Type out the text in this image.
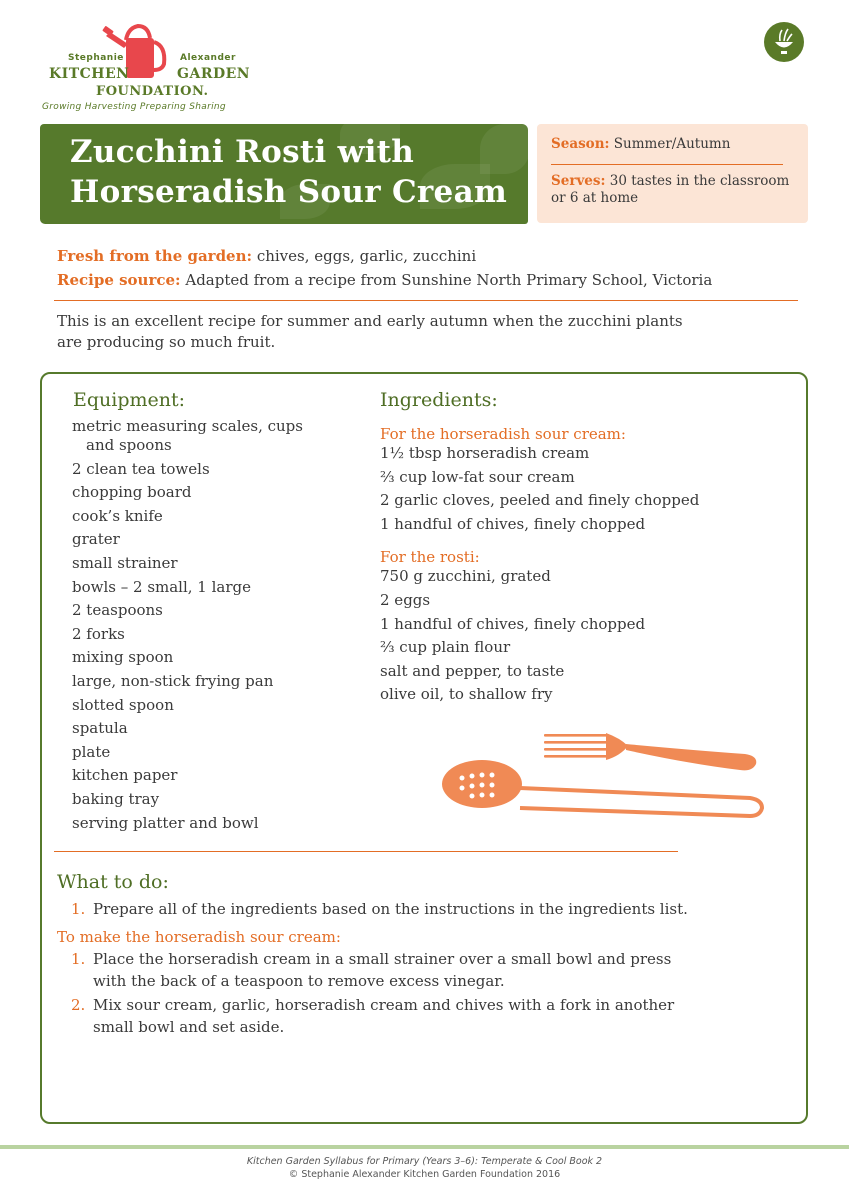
Stephanie	Alexander
KITCHEN	GARDEN
FOUNDATION.
Growing Harvesting Preparing Sharing
Zucchini Rosti with
Horseradish Sour Cream
Season: Summer/Autumn
Serves: 30 tastes in the classroom or 6 at home
Fresh from the garden: chives, eggs, garlic, zucchini
Recipe source: Adapted from a recipe from Sunshine North Primary School, Victoria

This is an excellent recipe for summer and early autumn when the zucchini plants are producing so much fruit.

Equipment:
metric measuring scales, cups and spoons
2 clean tea towels
chopping board
cook’s knife
grater
small strainer
bowls – 2 small, 1 large
2 teaspoons
2 forks
mixing spoon
large, non-stick frying pan
slotted spoon
spatula
plate
kitchen paper
baking tray
serving platter and bowl
Ingredients:
For the horseradish sour cream:
1½ tbsp horseradish cream
⅔ cup low-fat sour cream
2 garlic cloves, peeled and finely chopped
1 handful of chives, finely chopped
For the rosti:
750 g zucchini, grated
2 eggs
1 handful of chives, finely chopped
⅔ cup plain flour
salt and pepper, to taste
olive oil, to shallow fry
What to do:
1. Prepare all of the ingredients based on the instructions in the ingredients list.
To make the horseradish sour cream:
1. Place the horseradish cream in a small strainer over a small bowl and press with the back of a teaspoon to remove excess vinegar.
2. Mix sour cream, garlic, horseradish cream and chives with a fork in another small bowl and set aside.
Kitchen Garden Syllabus for Primary (Years 3–6): Temperate & Cool Book 2
© Stephanie Alexander Kitchen Garden Foundation 2016
